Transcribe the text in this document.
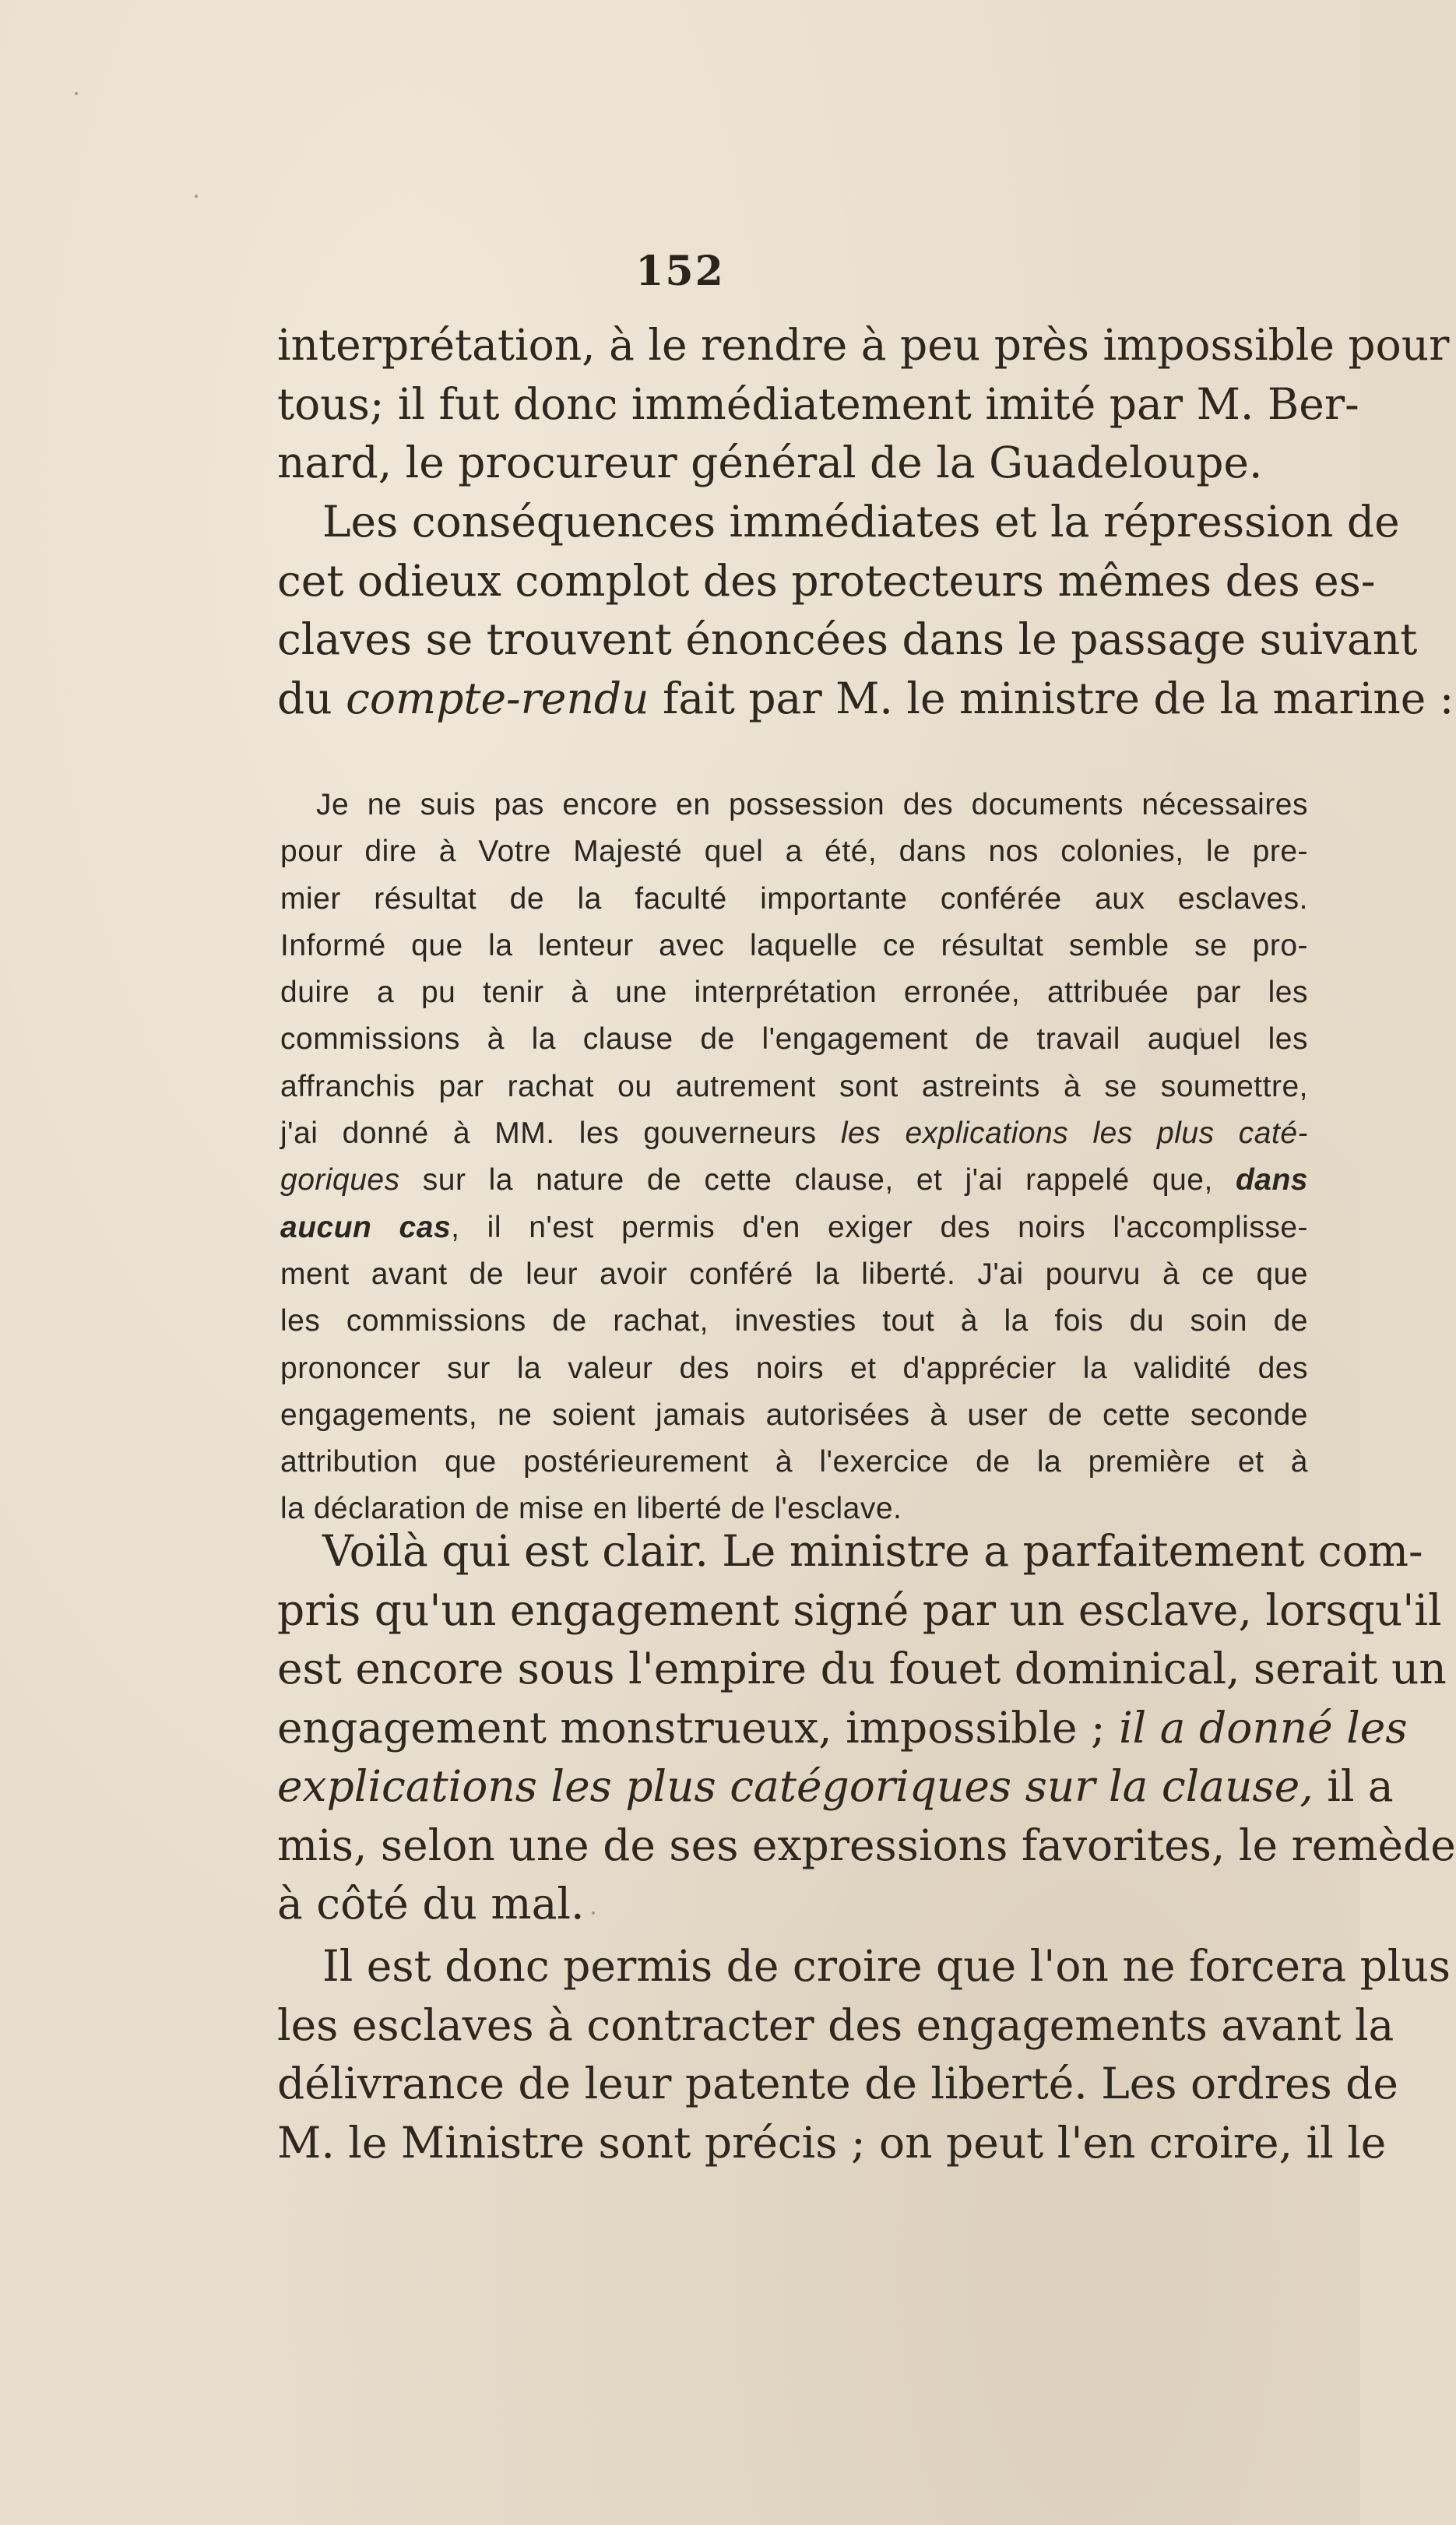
152

interprétation, à le rendre à peu près impossible pour
tous; il fut donc immédiatement imité par M. Ber-
nard, le procureur général de la Guadeloupe.

Les conséquences immédiates et la répression de
cet odieux complot des protecteurs mêmes des es-
claves se trouvent énoncées dans le passage suivant
du compte-rendu fait par M. le ministre de la marine :

Je ne suis pas encore en possession des documents nécessaires
pour dire à Votre Majesté quel a été, dans nos colonies, le pre-
mier résultat de la faculté importante conférée aux esclaves.
Informé que la lenteur avec laquelle ce résultat semble se pro-
duire a pu tenir à une interprétation erronée, attribuée par les
commissions à la clause de l'engagement de travail auquel les
affranchis par rachat ou autrement sont astreints à se soumettre,
j'ai donné à MM. les gouverneurs les explications les plus caté-
goriques sur la nature de cette clause, et j'ai rappelé que, dans
aucun cas, il n'est permis d'en exiger des noirs l'accomplisse-
ment avant de leur avoir conféré la liberté. J'ai pourvu à ce que
les commissions de rachat, investies tout à la fois du soin de
prononcer sur la valeur des noirs et d'apprécier la validité des
engagements, ne soient jamais autorisées à user de cette seconde
attribution que postérieurement à l'exercice de la première et à
la déclaration de mise en liberté de l'esclave.

Voilà qui est clair. Le ministre a parfaitement com-
pris qu'un engagement signé par un esclave, lorsqu'il
est encore sous l'empire du fouet dominical, serait un
engagement monstrueux, impossible ; il a donné les
explications les plus catégoriques sur la clause, il a
mis, selon une de ses expressions favorites, le remède
à côté du mal.

Il est donc permis de croire que l'on ne forcera plus
les esclaves à contracter des engagements avant la
délivrance de leur patente de liberté. Les ordres de
M. le Ministre sont précis ; on peut l'en croire, il le
